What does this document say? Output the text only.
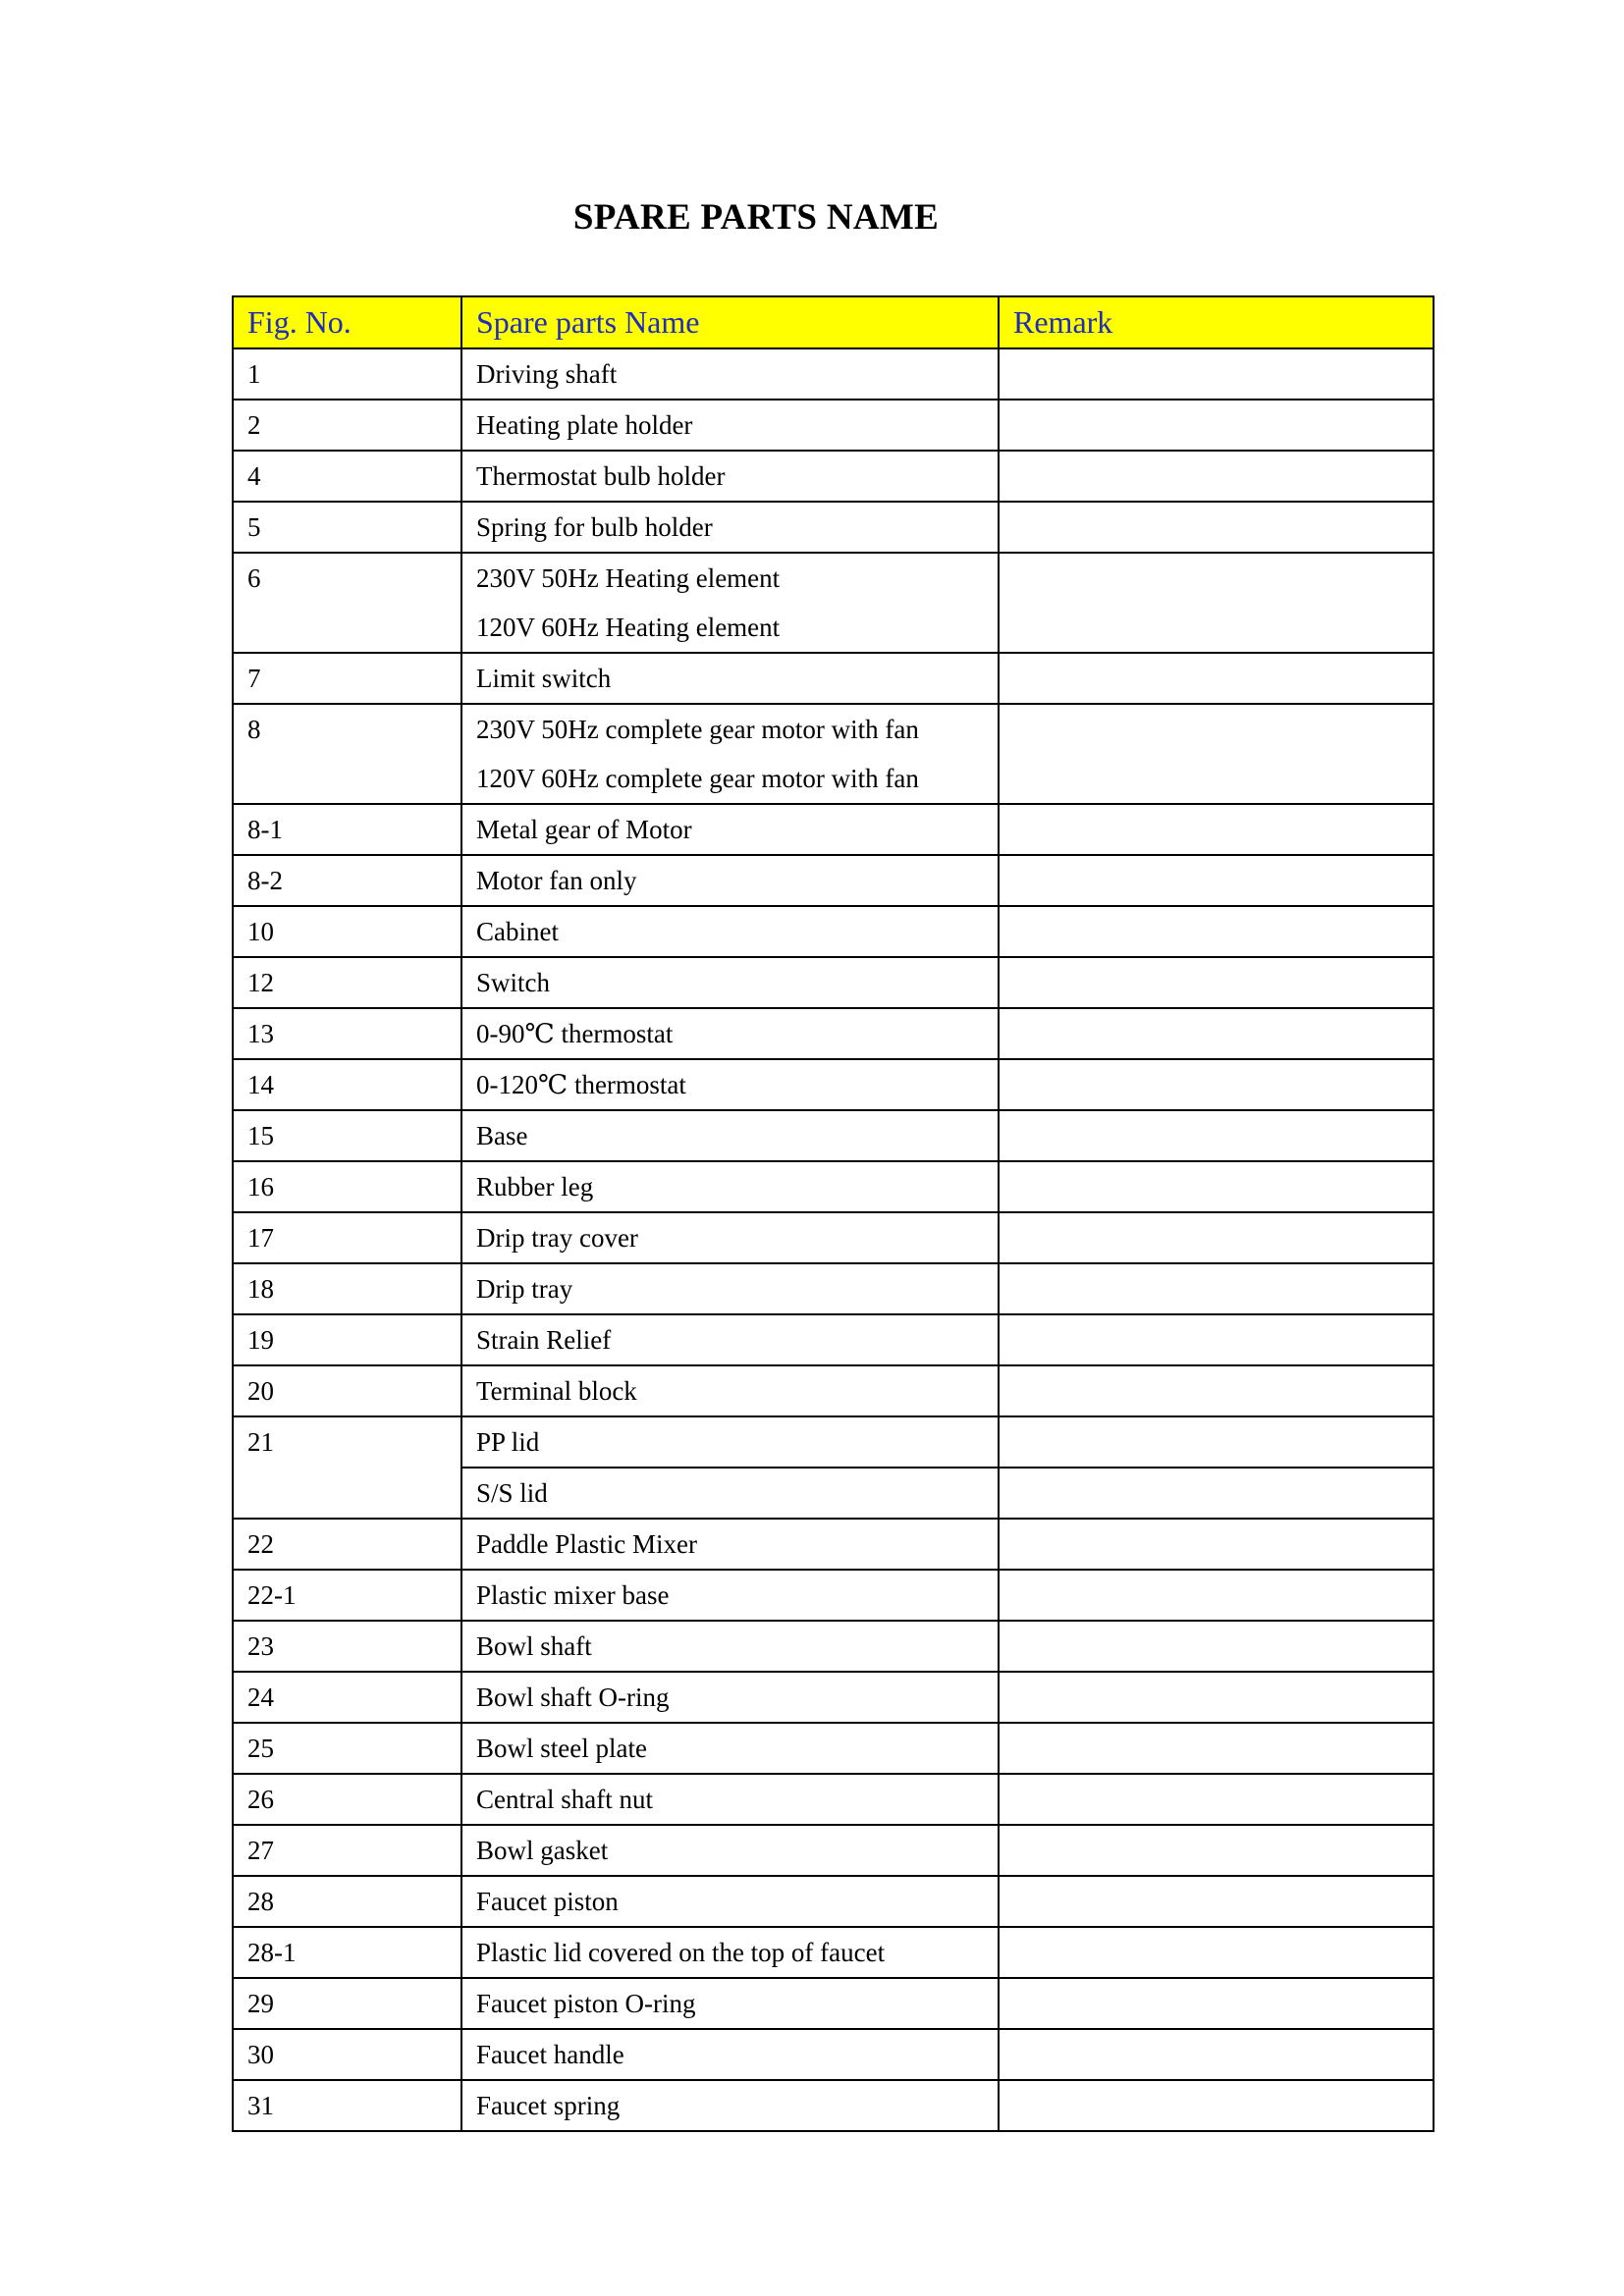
SPARE PARTS NAME
Fig. No.	Spare parts Name	Remark
1	Driving shaft	
2	Heating plate holder	
4	Thermostat bulb holder	
5	Spring for bulb holder	
6	230V 50Hz Heating element
120V 60Hz Heating element	

7	Limit switch	
8	230V 50Hz complete gear motor with fan
120V 60Hz complete gear motor with fan	

8-1	Metal gear of Motor	
8-2	Motor fan only	
10	Cabinet	
12	Switch	
13	0-90℃ thermostat	
14	0-120℃ thermostat	
15	Base	
16	Rubber leg	
17	Drip tray cover	
18	Drip tray	
19	Strain Relief	
20	Terminal block	
21	PP lid	
	S/S lid	
22	Paddle Plastic Mixer	
22-1	Plastic mixer base	
23	Bowl shaft	
24	Bowl shaft O-ring	
25	Bowl steel plate	
26	Central shaft nut	
27	Bowl gasket	
28	Faucet piston	
28-1	Plastic lid covered on the top of faucet	
29	Faucet piston O-ring	
30	Faucet handle	
31	Faucet spring	
